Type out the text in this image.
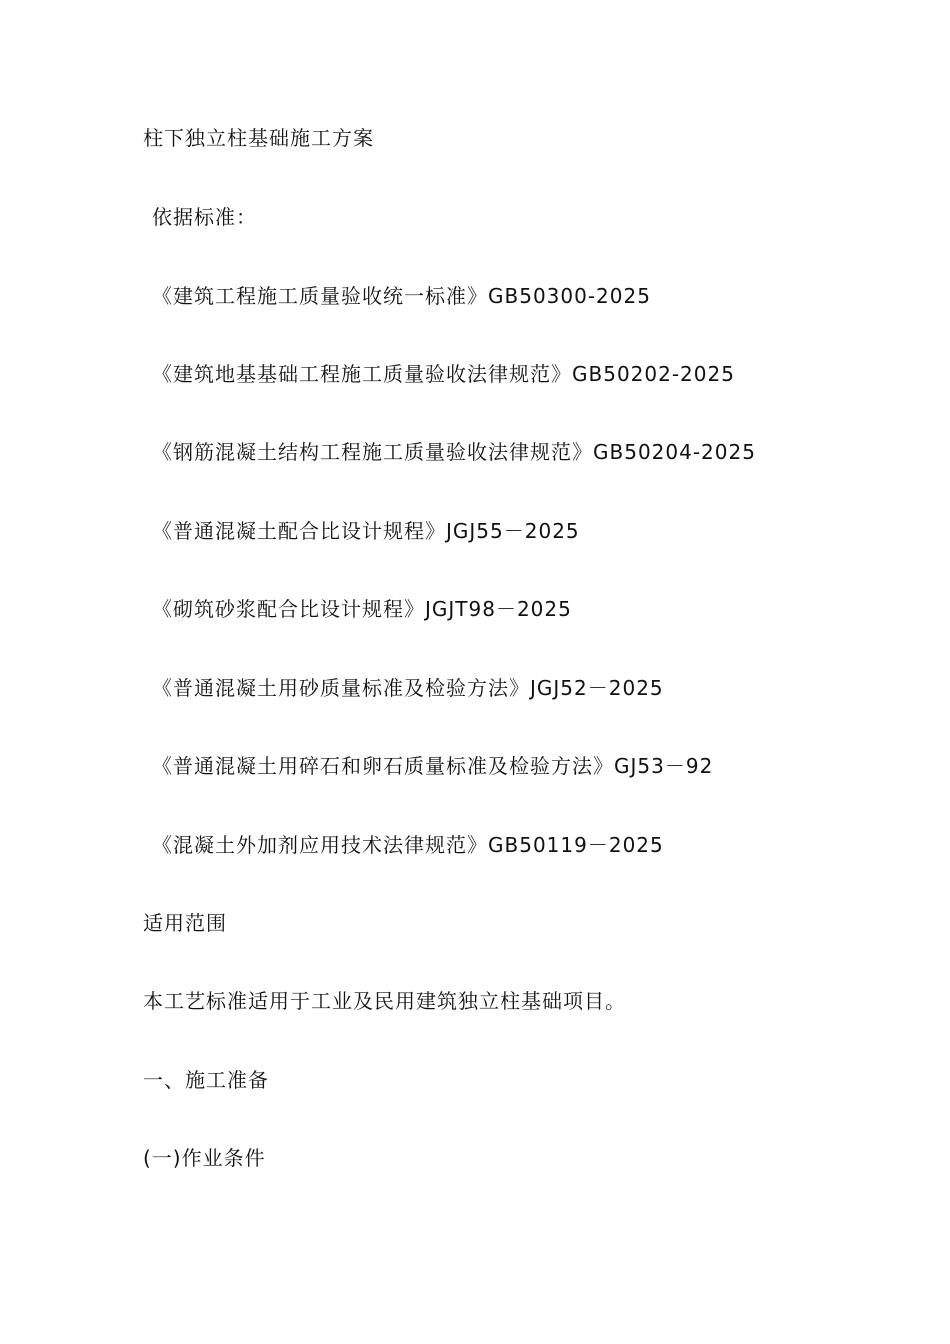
柱下独立柱基础施工方案
依据标准：
《建筑工程施工质量验收统一标准》GB50300-2025
《建筑地基基础工程施工质量验收法律规范》GB50202-2025
《钢筋混凝土结构工程施工质量验收法律规范》GB50204-2025
《普通混凝土配合比设计规程》JGJ55－2025
《砌筑砂浆配合比设计规程》JGJT98－2025
《普通混凝土用砂质量标准及检验方法》JGJ52－2025
《普通混凝土用碎石和卵石质量标准及检验方法》GJ53－92
《混凝土外加剂应用技术法律规范》GB50119－2025
适用范围
本工艺标准适用于工业及民用建筑独立柱基础项目。
一、施工准备
(一)作业条件
